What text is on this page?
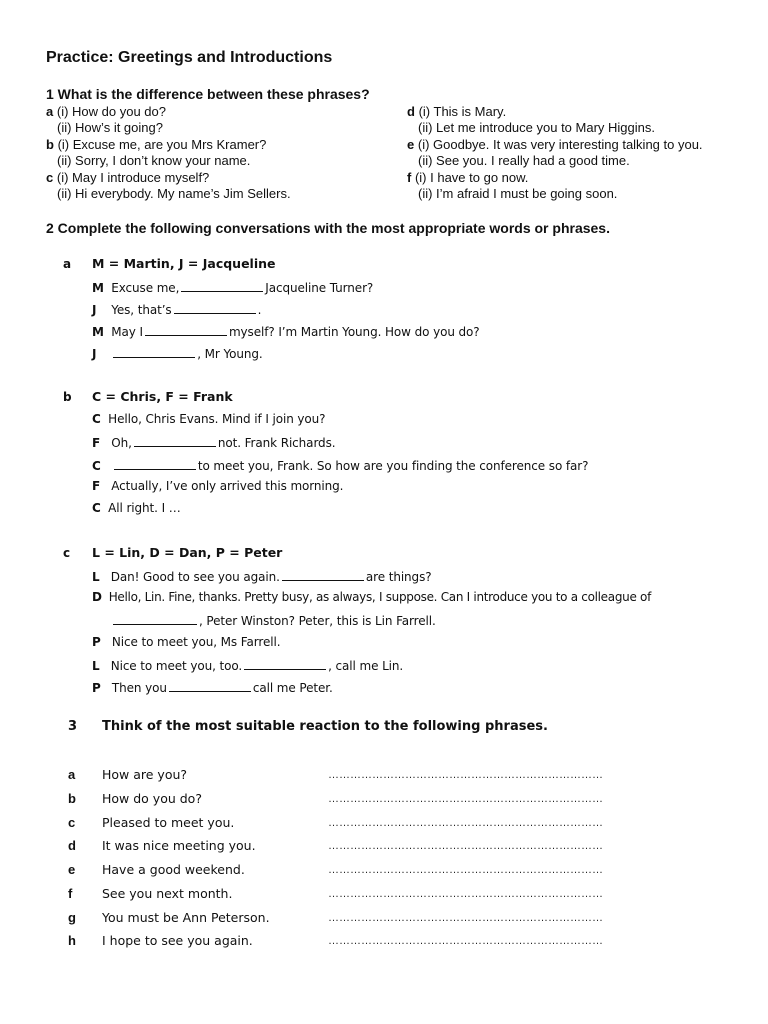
Practice: Greetings and Introductions
1 What is the difference between these phrases?
a (i) How do you do?
(ii) How’s it going?
b (i) Excuse me, are you Mrs Kramer?
(ii) Sorry, I don’t know your name.
c (i) May I introduce myself?
(ii) Hi everybody. My name’s Jim Sellers.
d (i) This is Mary.
(ii) Let me introduce you to Mary Higgins.
e (i) Goodbye. It was very interesting talking to you.
(ii) See you. I really had a good time.
f (i) I have to go now.
(ii) I’m afraid I must be going soon.
2 Complete the following conversations with the most appropriate words or phrases.
a M = Martin, J = Jacqueline
M Excuse me,	Jacqueline Turner?
J Yes, that’s	.
M May I	myself? I’m Martin Young. How do you do?
J	, Mr Young.
b C = Chris, F = Frank
C Hello, Chris Evans. Mind if I join you?
F Oh,	not. Frank Richards.
C	to meet you, Frank. So how are you finding the conference so far?
F Actually, I’ve only arrived this morning.
C All right. I …
c L = Lin, D = Dan, P = Peter
L Dan! Good to see you again.	are things?
D Hello, Lin. Fine, thanks. Pretty busy, as always, I suppose. Can I introduce you to a colleague of
, Peter Winston? Peter, this is Lin Farrell.
P Nice to meet you, Ms Farrell.
L Nice to meet you, too.	, call me Lin.
P Then you	call me Peter.
3 Think of the most suitable reaction to the following phrases.
a How are you?	…………………………………………………………………
b How do you do?	…………………………………………………………………
c Pleased to meet you.	…………………………………………………………………
d It was nice meeting you.	…………………………………………………………………
e Have a good weekend.	…………………………………………………………………
f See you next month.	…………………………………………………………………
g You must be Ann Peterson.	…………………………………………………………………
h I hope to see you again.	…………………………………………………………………
